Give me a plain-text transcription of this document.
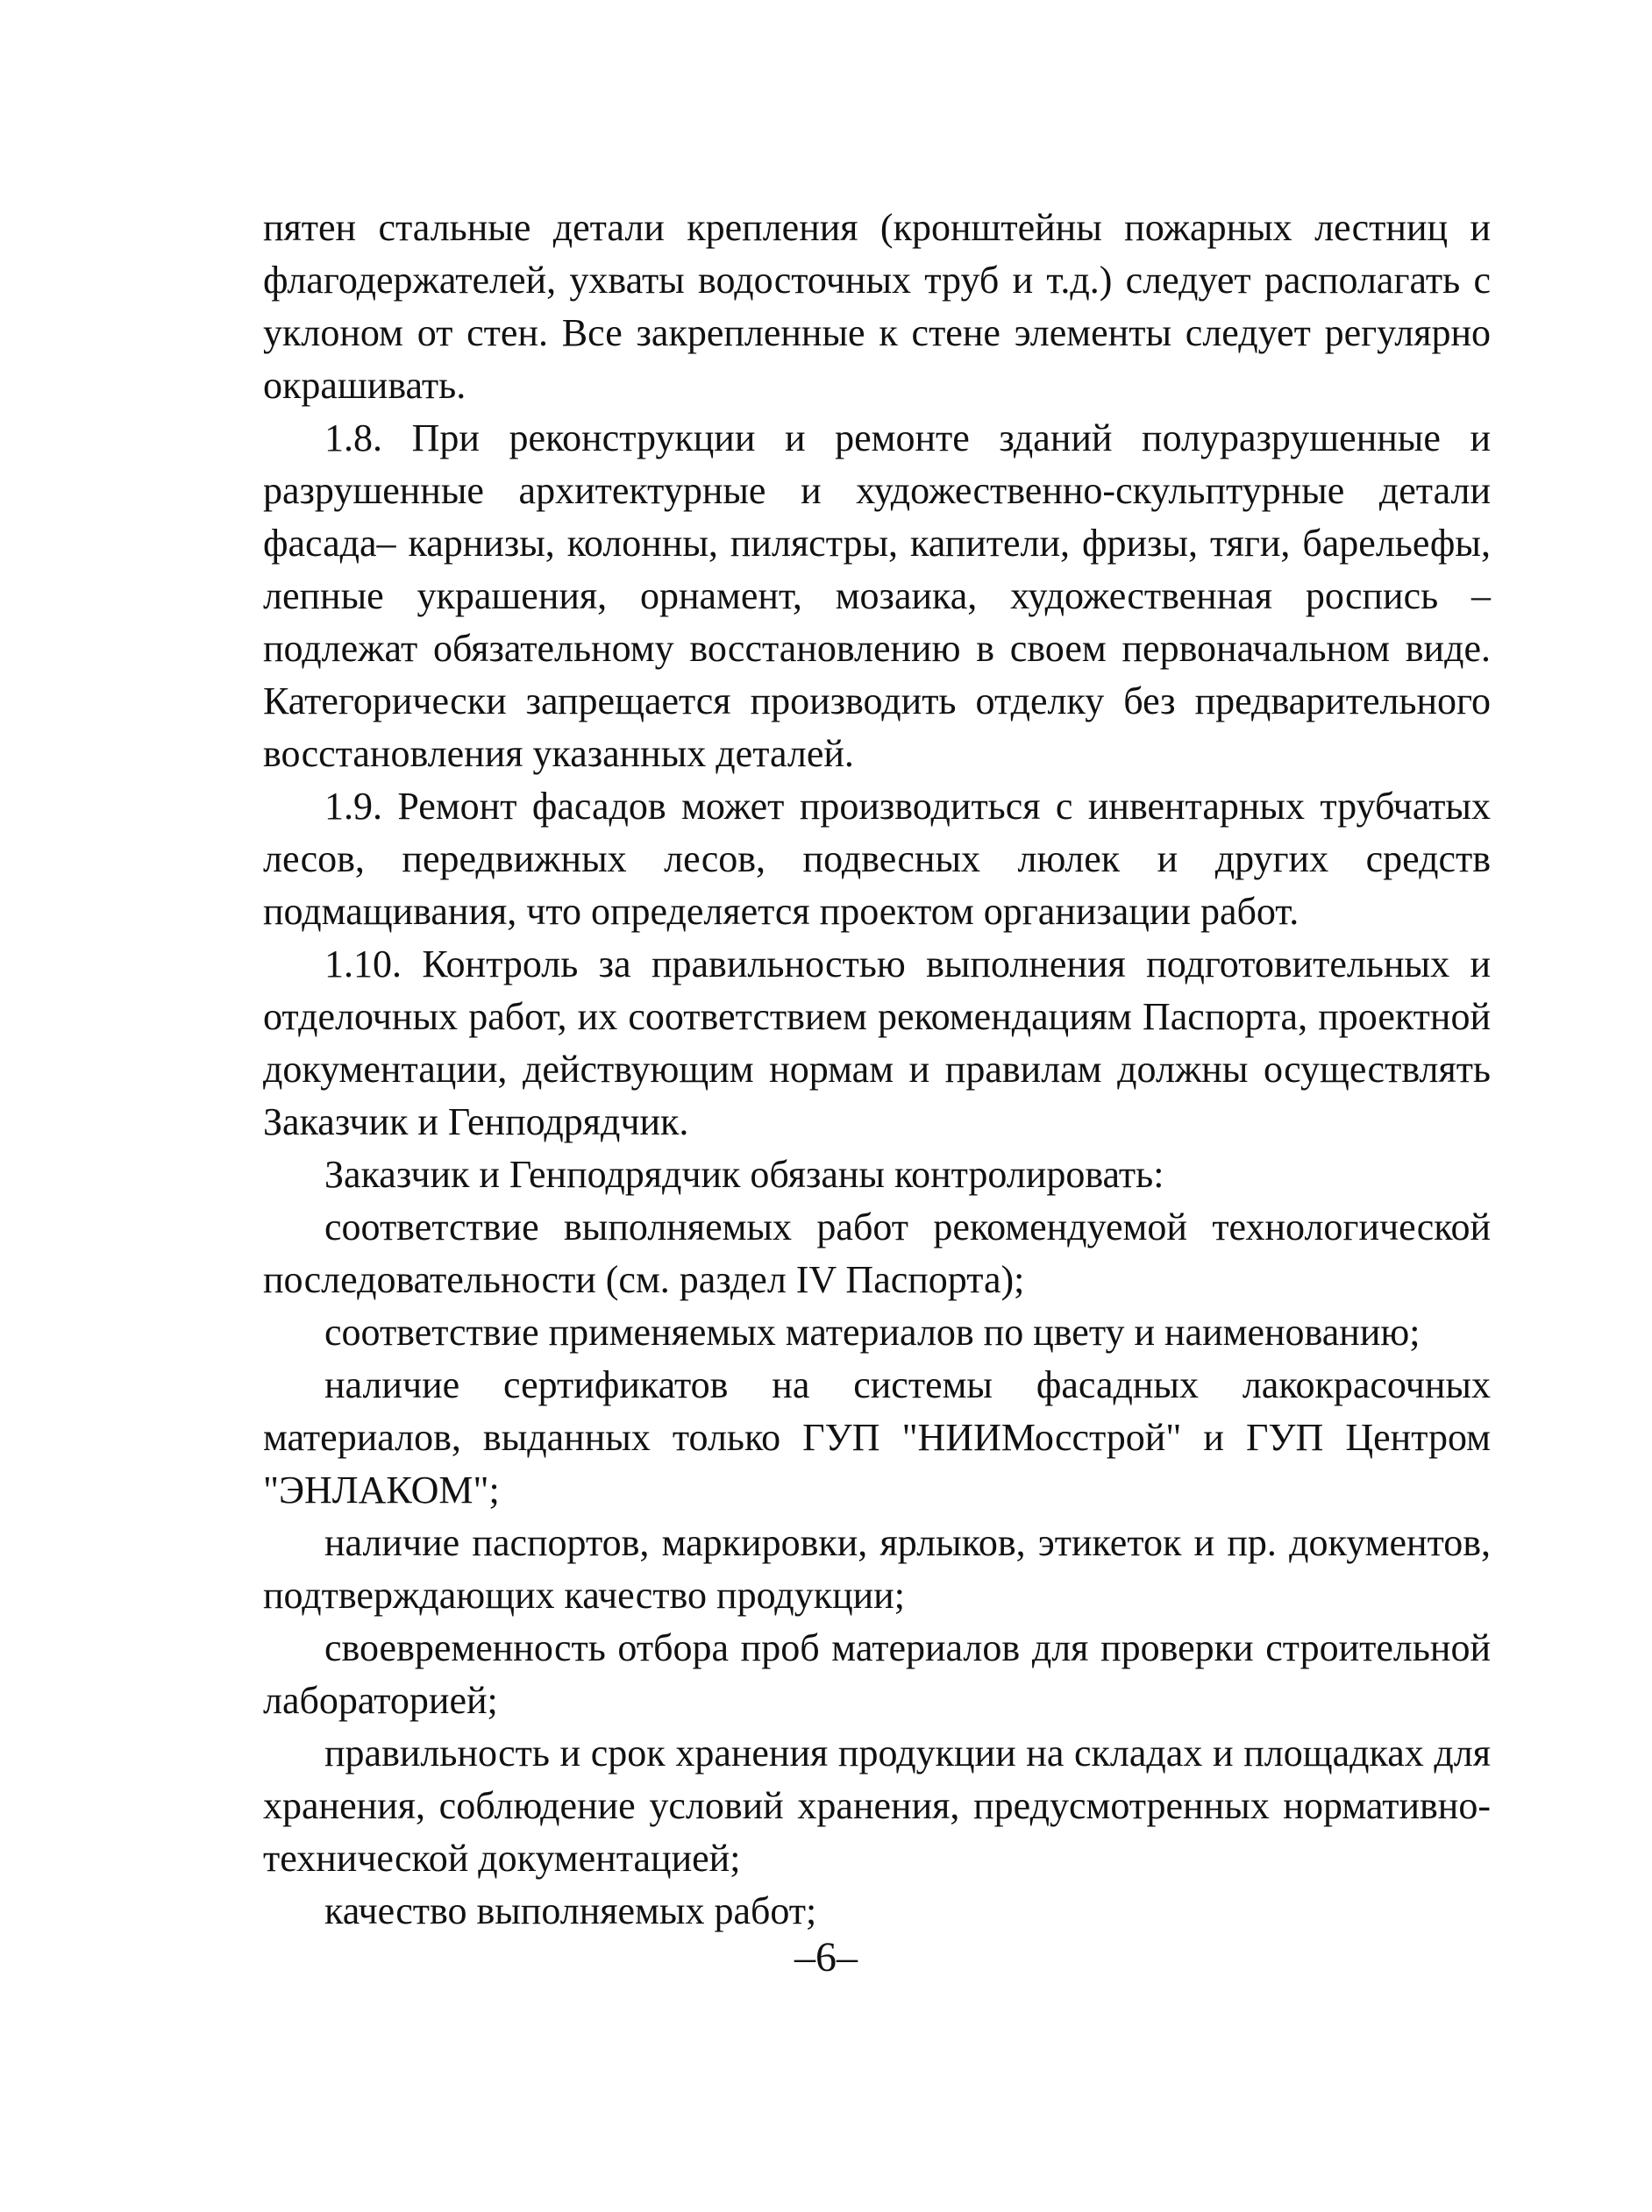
пятен стальные детали крепления (кронштейны пожарных лестниц и флагодержателей, ухваты водосточных труб и т.д.) следует располагать с уклоном от стен. Все закрепленные к стене элементы следует регулярно окрашивать.

1.8. При реконструкции и ремонте зданий полуразрушенные и разрушенные архитектурные и художественно-скульптурные детали фасада– карнизы, колонны, пилястры, капители, фризы, тяги, барельефы, лепные украшения, орнамент, мозаика, художественная роспись – подлежат обязательному восстановлению в своем первоначальном виде. Категорически запрещается производить отделку без предварительного восстановления указанных деталей.

1.9. Ремонт фасадов может производиться с инвентарных трубчатых лесов, передвижных лесов, подвесных люлек и других средств подмащивания, что определяется проектом организации работ.

1.10. Контроль за правильностью выполнения подготовительных и отделочных работ, их соответствием рекомендациям Паспорта, проектной документации, действующим нормам и правилам должны осуществлять Заказчик и Генподрядчик.

Заказчик и Генподрядчик обязаны контролировать:

соответствие выполняемых работ рекомендуемой технологической последовательности (см. раздел IV Паспорта);

соответствие применяемых материалов по цвету и наименованию;

наличие сертификатов на системы фасадных лакокрасочных материалов, выданных только ГУП "НИИМосстрой" и ГУП Центром "ЭНЛАКОМ";

наличие паспортов, маркировки, ярлыков, этикеток и пр. документов, подтверждающих качество продукции;

своевременность отбора проб материалов для проверки строительной лабораторией;

правильность и срок хранения продукции на складах и площадках для хранения, соблюдение условий хранения, предусмотренных нормативно-технической документацией;

качество выполняемых работ;

–6–
